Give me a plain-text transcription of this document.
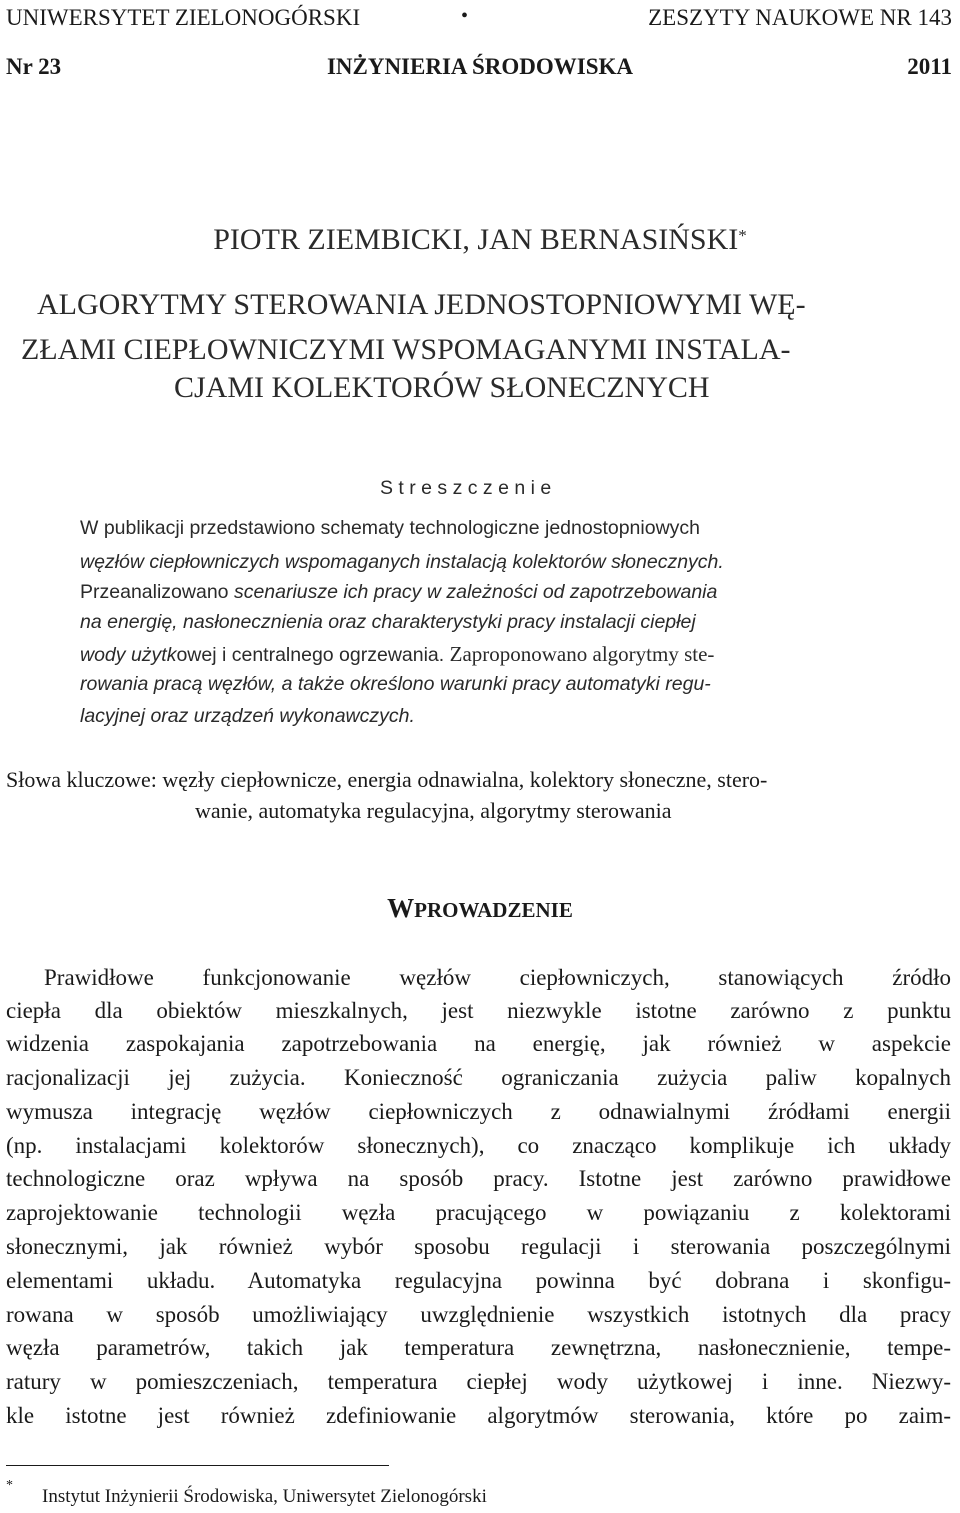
UNIWERSYTET ZIELONOGÓRSKI	•	ZESZYTY NAUKOWE NR 143
Nr 23	INŻYNIERIA ŚRODOWISKA	2011
PIOTR ZIEMBICKI, JAN BERNASIŃSKI*
ALGORYTMY STEROWANIA JEDNOSTOPNIOWYMI WĘ-
ZŁAMI CIEPŁOWNICZYMI WSPOMAGANYMI INSTALA-
CJAMI KOLEKTORÓW SŁONECZNYCH
S t r e s z c z e n i e
W publikacji przedstawiono schematy technologiczne jednostopniowych
węzłów ciepłowniczych wspomaganych instalacją kolektorów słonecznych.
Przeanalizowano scenariusze ich pracy w zależności od zapotrzebowania
na energię, nasłonecznienia oraz charakterystyki pracy instalacji ciepłej
wody użytkowej i centralnego ogrzewania. Zaproponowano algorytmy ste-
rowania pracą węzłów, a także określono warunki pracy automatyki regu-
lacyjnej oraz urządzeń wykonawczych.
Słowa kluczowe: węzły ciepłownicze, energia odnawialna, kolektory słoneczne, stero-
wanie, automatyka regulacyjna, algorytmy sterowania
WPROWADZENIE
Prawidłowe funkcjonowanie węzłów ciepłowniczych, stanowiących źródło
ciepła dla obiektów mieszkalnych, jest niezwykle istotne zarówno z punktu
widzenia zaspokajania zapotrzebowania na energię, jak również w aspekcie
racjonalizacji jej zużycia. Konieczność ograniczania zużycia paliw kopalnych
wymusza integrację węzłów ciepłowniczych z odnawialnymi źródłami energii
(np. instalacjami kolektorów słonecznych), co znacząco komplikuje ich układy
technologiczne oraz wpływa na sposób pracy. Istotne jest zarówno prawidłowe
zaprojektowanie technologii węzła pracującego w powiązaniu z kolektorami
słonecznymi, jak również wybór sposobu regulacji i sterowania poszczególnymi
elementami układu. Automatyka regulacyjna powinna być dobrana i skonfigu-
rowana w sposób umożliwiający uwzględnienie wszystkich istotnych dla pracy
węzła parametrów, takich jak temperatura zewnętrzna, nasłonecznienie, tempe-
ratury w pomieszczeniach, temperatura ciepłej wody użytkowej i inne. Niezwy-
kle istotne jest również zdefiniowanie algorytmów sterowania, które po zaim-
*
Instytut Inżynierii Środowiska, Uniwersytet Zielonogórski
